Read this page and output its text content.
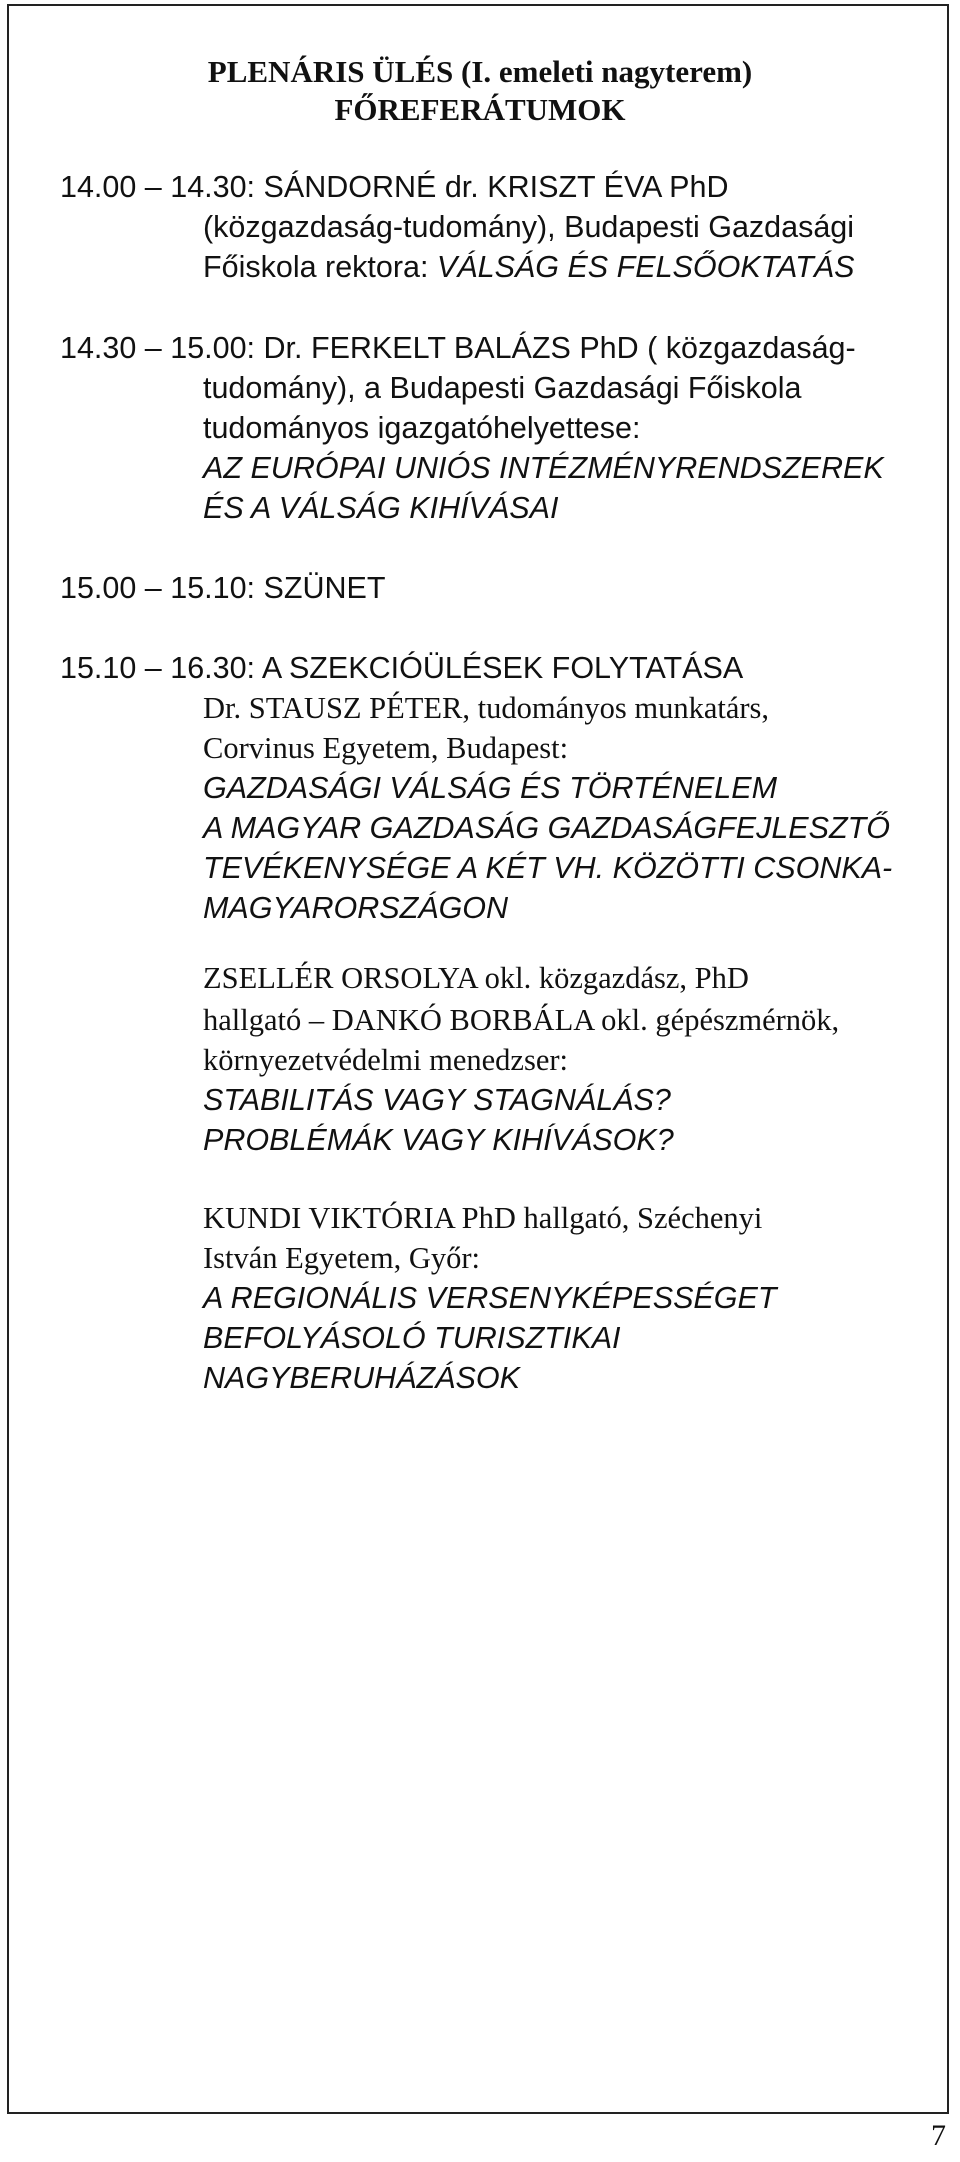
PLENÁRIS ÜLÉS (I. emeleti nagyterem)
FŐREFERÁTUMOK
14.00 – 14.30: SÁNDORNÉ dr. KRISZT ÉVA PhD
(közgazdaság-tudomány), Budapesti Gazdasági
Főiskola rektora: VÁLSÁG ÉS FELSŐOKTATÁS
14.30 – 15.00: Dr. FERKELT BALÁZS PhD ( közgazdaság-
tudomány), a Budapesti Gazdasági Főiskola
tudományos igazgatóhelyettese:
AZ EURÓPAI UNIÓS INTÉZMÉNYRENDSZEREK
ÉS A VÁLSÁG KIHÍVÁSAI
15.00 – 15.10: SZÜNET
15.10 – 16.30: A SZEKCIÓÜLÉSEK FOLYTATÁSA
Dr. STAUSZ PÉTER, tudományos munkatárs,
Corvinus Egyetem, Budapest:
GAZDASÁGI VÁLSÁG ÉS TÖRTÉNELEM
A MAGYAR GAZDASÁG GAZDASÁGFEJLESZTŐ
TEVÉKENYSÉGE A KÉT VH. KÖZÖTTI CSONKA-
MAGYARORSZÁGON
ZSELLÉR ORSOLYA okl. közgazdász, PhD
hallgató – DANKÓ BORBÁLA okl. gépészmérnök,
környezetvédelmi menedzser:
STABILITÁS VAGY STAGNÁLÁS?
PROBLÉMÁK VAGY KIHÍVÁSOK?
KUNDI VIKTÓRIA PhD hallgató, Széchenyi
István Egyetem, Győr:
A REGIONÁLIS VERSENYKÉPESSÉGET
BEFOLYÁSOLÓ TURISZTIKAI
NAGYBERUHÁZÁSOK
7
